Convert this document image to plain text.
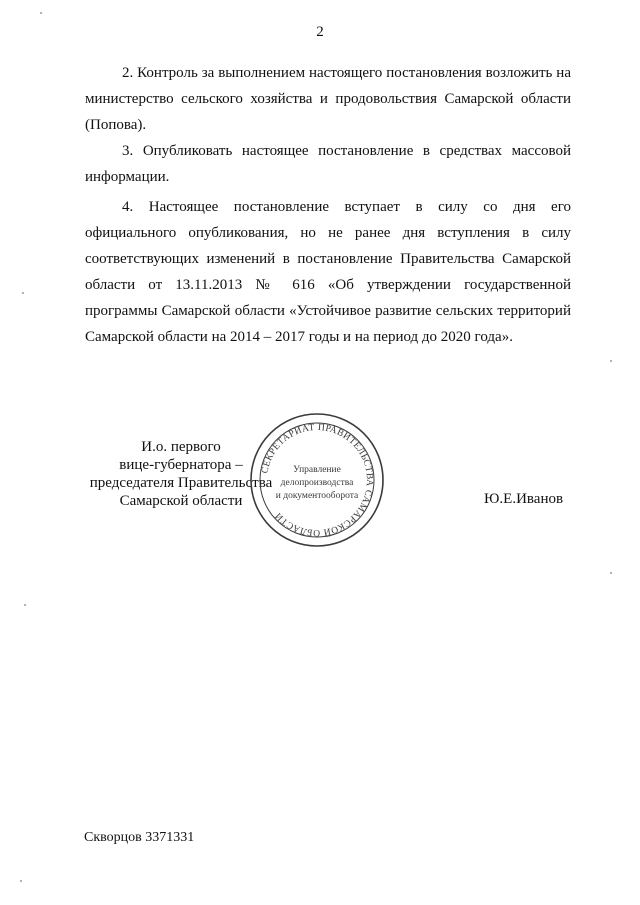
2

2. Контроль за выполнением настоящего постановления возложить на министерство сельского хозяйства и продовольствия Самарской области (Попова).

3. Опубликовать настоящее постановление в средствах массовой информации.

4. Настоящее постановление вступает в силу со дня его официального опубликования, но не ранее дня вступления в силу соответствующих изменений в постановление Правительства Самарской области от 13.11.2013 № 616 «Об утверждении государственной программы Самарской области «Устойчивое развитие сельских территорий Самарской области на 2014 – 2017 годы и на период до 2020 года».

И.о. первого
вице-губернатора –
председателя Правительства
Самарской области
СЕКРЕТАРИАТ ПРАВИТЕЛЬСТВА САМАРСКОЙ ОБЛАСТИ
Управление
делопроизводства
и документооборота	Ю.Е.Иванов
Скворцов 3371331
